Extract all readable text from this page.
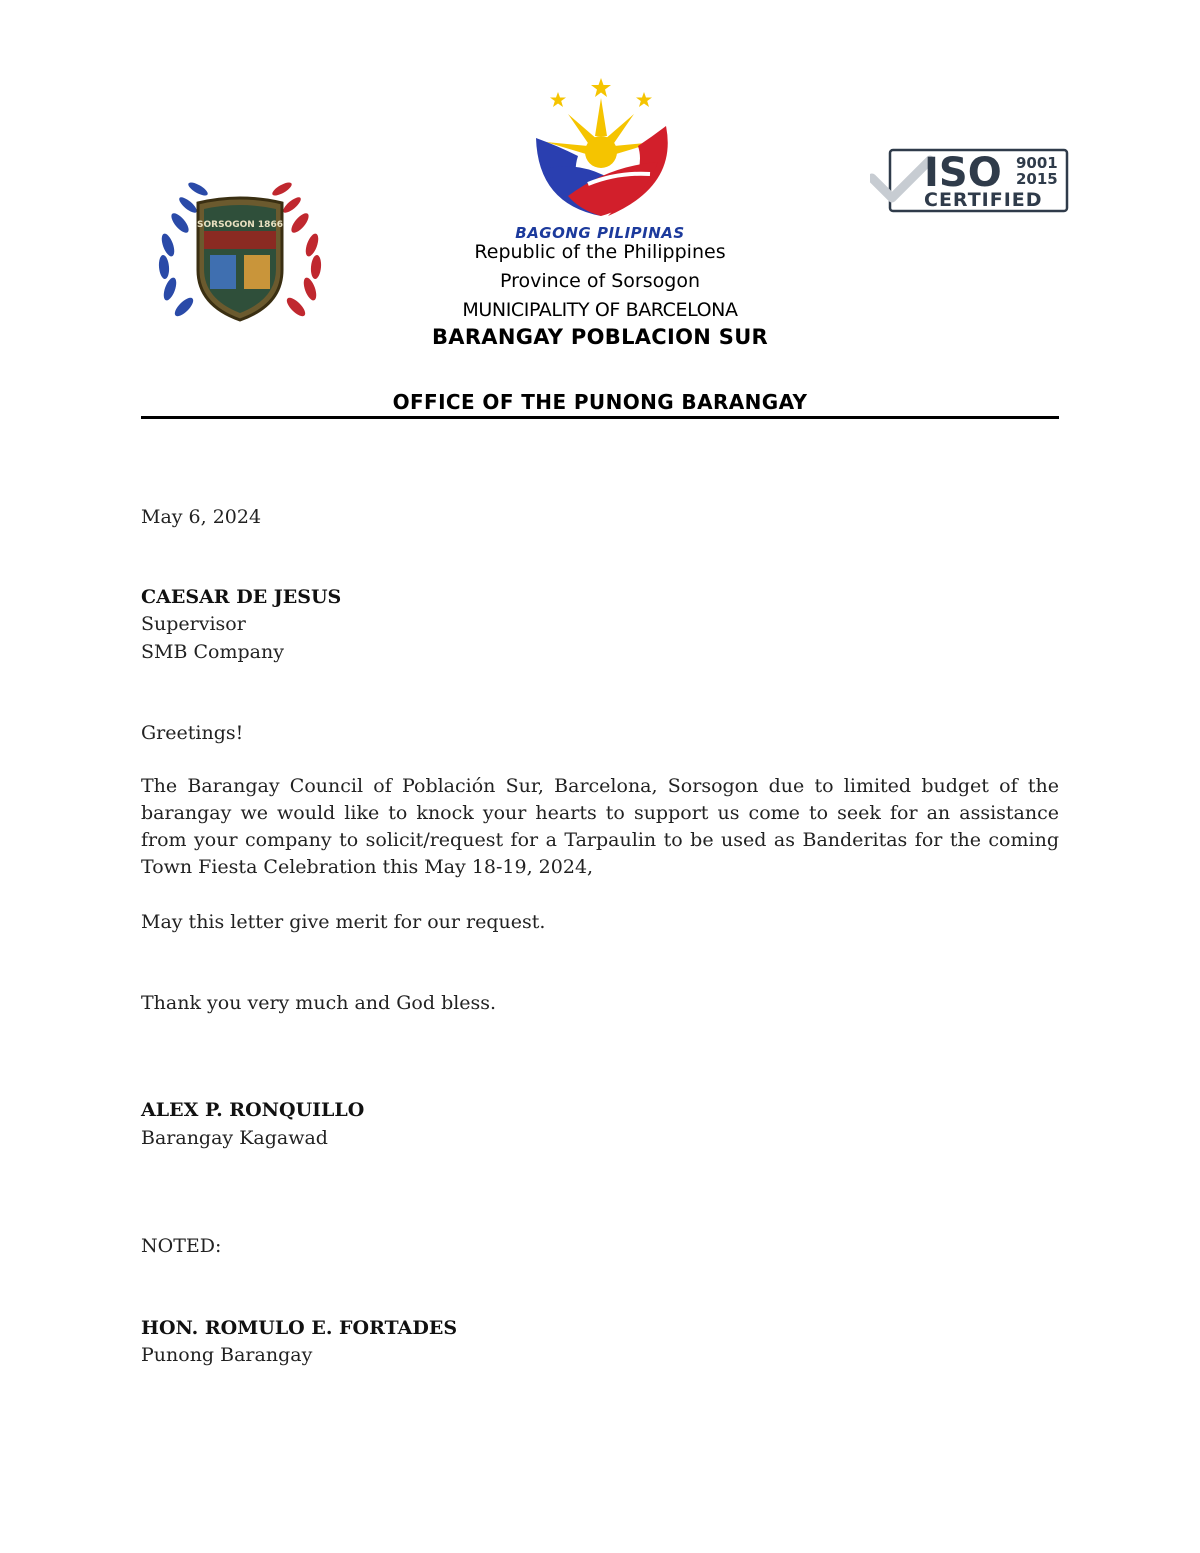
SORSOGON 1866	BAGONG PILIPINAS
ISO 9001
2015
CERTIFIED
Republic of the Philippines
Province of Sorsogon
MUNICIPALITY OF BARCELONA
BARANGAY POBLACION SUR
OFFICE OF THE PUNONG BARANGAY
May 6, 2024
CAESAR DE JESUS
Supervisor
SMB Company
Greetings!
The Barangay Council of Población Sur, Barcelona, Sorsogon due to limited budget of the barangay we would like to knock your hearts to support us come to seek for an assistance from your company to solicit/request for a Tarpaulin to be used as Banderitas for the coming Town Fiesta Celebration this May 18-19, 2024,
May this letter give merit for our request.
Thank you very much and God bless.
ALEX P. RONQUILLO
Barangay Kagawad
NOTED:
HON. ROMULO E. FORTADES
Punong Barangay
